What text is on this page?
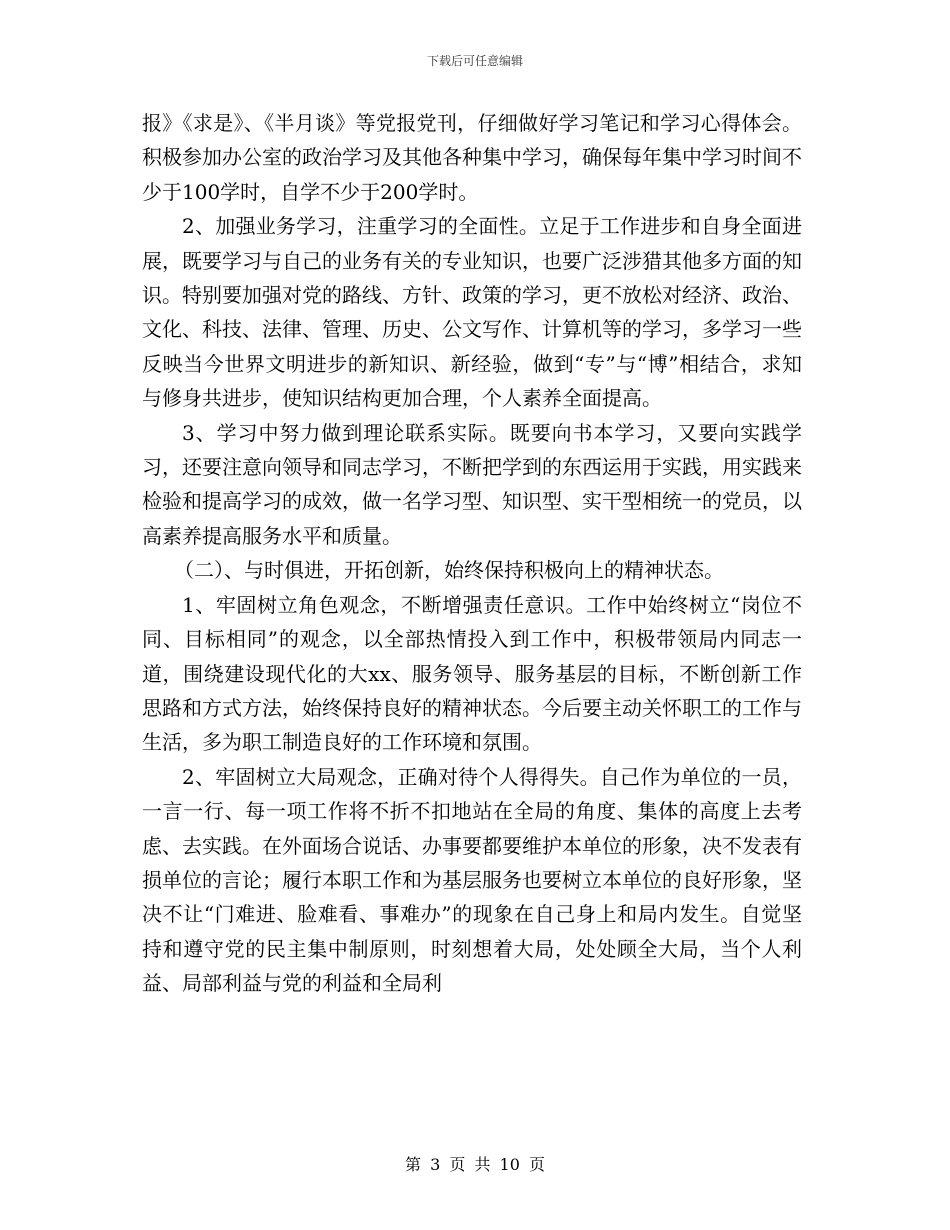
下载后可任意编辑

报》《求是》、《半月谈》等党报党刊，仔细做好学习笔记和学习心得体会。积极参加办公室的政治学习及其他各种集中学习，确保每年集中学习时间不少于100学时，自学不少于200学时。

2、加强业务学习，注重学习的全面性。立足于工作进步和自身全面进展，既要学习与自己的业务有关的专业知识，也要广泛涉猎其他多方面的知识。特别要加强对党的路线、方针、政策的学习，更不放松对经济、政治、文化、科技、法律、管理、历史、公文写作、计算机等的学习，多学习一些反映当今世界文明进步的新知识、新经验，做到“专”与“博”相结合，求知与修身共进步，使知识结构更加合理，个人素养全面提高。

3、学习中努力做到理论联系实际。既要向书本学习，又要向实践学习，还要注意向领导和同志学习，不断把学到的东西运用于实践，用实践来检验和提高学习的成效，做一名学习型、知识型、实干型相统一的党员，以高素养提高服务水平和质量。

（二）、与时俱进，开拓创新，始终保持积极向上的精神状态。

1、牢固树立角色观念，不断增强责任意识。工作中始终树立“岗位不同、目标相同”的观念，以全部热情投入到工作中，积极带领局内同志一道，围绕建设现代化的大xx、服务领导、服务基层的目标，不断创新工作思路和方式方法，始终保持良好的精神状态。今后要主动关怀职工的工作与生活，多为职工制造良好的工作环境和氛围。

2、牢固树立大局观念，正确对待个人得得失。自己作为单位的一员，一言一行、每一项工作将不折不扣地站在全局的角度、集体的高度上去考虑、去实践。在外面场合说话、办事要都要维护本单位的形象，决不发表有损单位的言论；履行本职工作和为基层服务也要树立本单位的良好形象，坚决不让“门难进、脸难看、事难办”的现象在自己身上和局内发生。自觉坚持和遵守党的民主集中制原则，时刻想着大局，处处顾全大局，当个人利益、局部利益与党的利益和全局利

第 3 页 共 10 页
